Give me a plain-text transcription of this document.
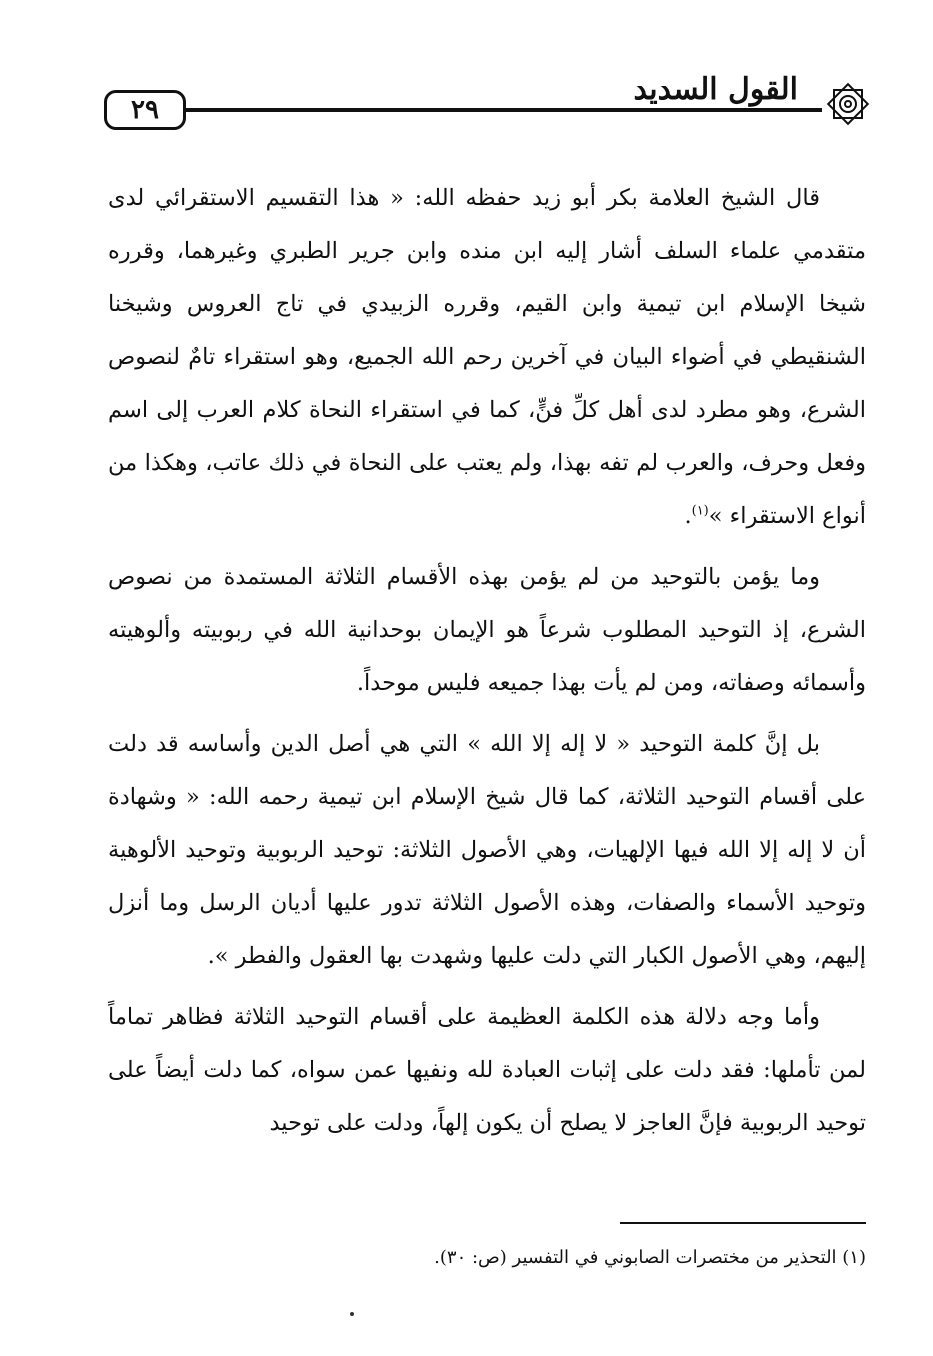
٢٩
القول السديد

قال الشيخ العلامة بكر أبو زيد حفظه الله: « هذا التقسيم الاستقرائي لدى متقدمي علماء السلف أشار إليه ابن منده وابن جرير الطبري وغيرهما، وقرره شيخا الإسلام ابن تيمية وابن القيم، وقرره الزبيدي في تاج العروس وشيخنا الشنقيطي في أضواء البيان في آخرين رحم الله الجميع، وهو استقراء تامٌ لنصوص الشرع، وهو مطرد لدى أهل كلِّ فنٍّ، كما في استقراء النحاة كلام العرب إلى اسم وفعل وحرف، والعرب لم تفه بهذا، ولم يعتب على النحاة في ذلك عاتب، وهكذا من أنواع الاستقراء »$^{(١)}$.

وما يؤمن بالتوحيد من لم يؤمن بهذه الأقسام الثلاثة المستمدة من نصوص الشرع، إذ التوحيد المطلوب شرعاً هو الإيمان بوحدانية الله في ربوبيته وألوهيته وأسمائه وصفاته، ومن لم يأت بهذا جميعه فليس موحداً.

بل إنَّ كلمة التوحيد « لا إله إلا الله » التي هي أصل الدين وأساسه قد دلت على أقسام التوحيد الثلاثة، كما قال شيخ الإسلام ابن تيمية رحمه الله: « وشهادة أن لا إله إلا الله فيها الإلهيات، وهي الأصول الثلاثة: توحيد الربوبية وتوحيد الألوهية وتوحيد الأسماء والصفات، وهذه الأصول الثلاثة تدور عليها أديان الرسل وما أنزل إليهم، وهي الأصول الكبار التي دلت عليها وشهدت بها العقول والفطر ».

وأما وجه دلالة هذه الكلمة العظيمة على أقسام التوحيد الثلاثة فظاهر تماماً لمن تأملها: فقد دلت على إثبات العبادة لله ونفيها عمن سواه، كما دلت أيضاً على توحيد الربوبية فإنَّ العاجز لا يصلح أن يكون إلهاً، ودلت على توحيد

(١) التحذير من مختصرات الصابوني في التفسير (ص: ٣٠).
